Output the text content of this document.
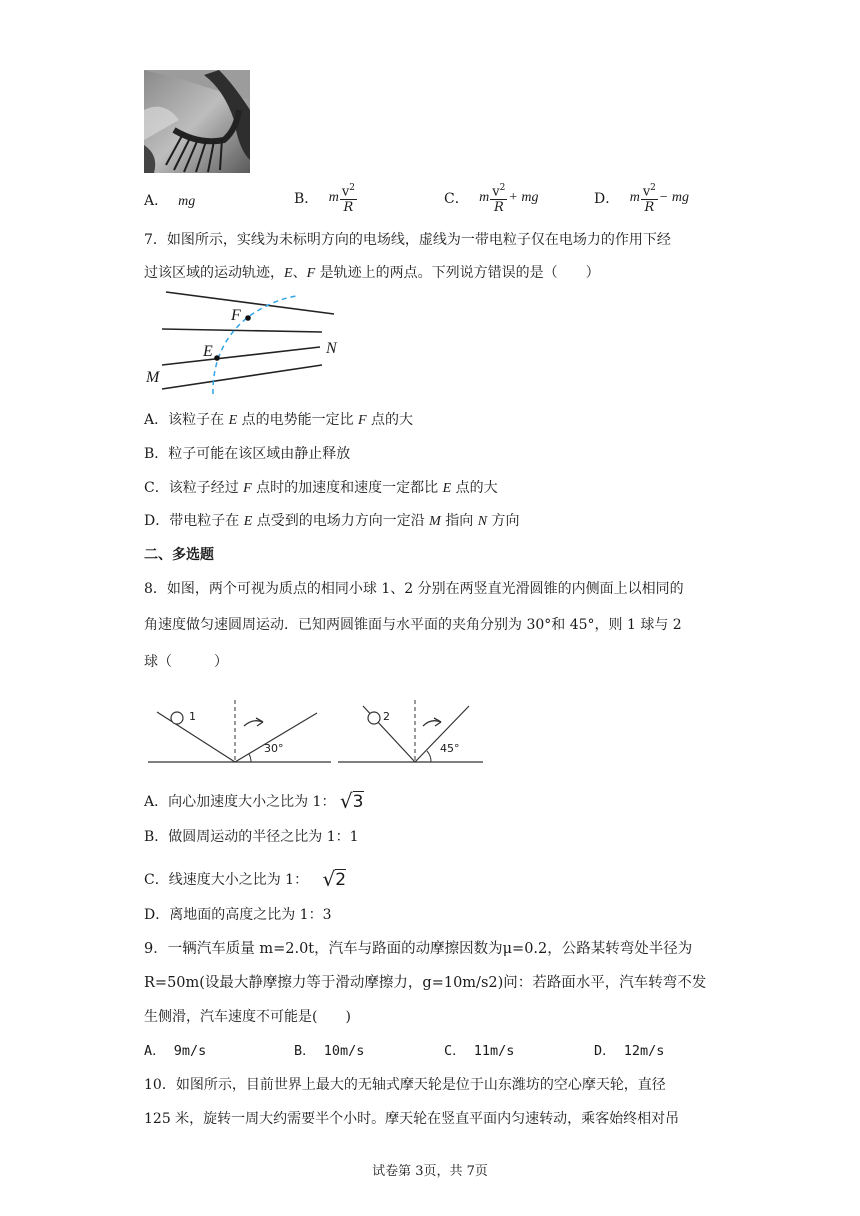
A． mg	B． m $\frac{v^2}{R}$	C． m $\frac{v^2}{R}$ + mg	D． m $\frac{v^2}{R}$ − mg
7．如图所示，实线为未标明方向的电场线，虚线为一带电粒子仅在电场力的作用下经
过该区域的运动轨迹，E、F 是轨迹上的两点。下列说方错误的是（　　）
F
E	N
M
A．该粒子在 E 点的电势能一定比 F 点的大
B．粒子可能在该区域由静止释放
C．该粒子经过 F 点时的加速度和速度一定都比 E 点的大
D．带电粒子在 E 点受到的电场力方向一定沿 M 指向 N 方向
二、多选题
8．如图，两个可视为质点的相同小球 1、2 分别在两竖直光滑圆锥的内侧面上以相同的
角速度做匀速圆周运动．已知两圆锥面与水平面的夹角分别为 30°和 45°，则 1 球与 2
球（　　　）
1
30°
2
45°
A．向心加速度大小之比为 1： √3
B．做圆周运动的半径之比为 1：1
C．线速度大小之比为 1： √2
D．离地面的高度之比为 1：3
9．一辆汽车质量 m=2.0t，汽车与路面的动摩擦因数为μ=0.2，公路某转弯处半径为
R=50m(设最大静摩擦力等于滑动摩擦力，g=10m/s2)问：若路面水平，汽车转弯不发
生侧滑，汽车速度不可能是(　　)
A． 9m/s	B． 10m/s	C． 11m/s	D． 12m/s
10．如图所示，目前世界上最大的无轴式摩天轮是位于山东潍坊的空心摩天轮，直径
125 米，旋转一周大约需要半个小时。摩天轮在竖直平面内匀速转动，乘客始终相对吊
试卷第 3页，共 7页
